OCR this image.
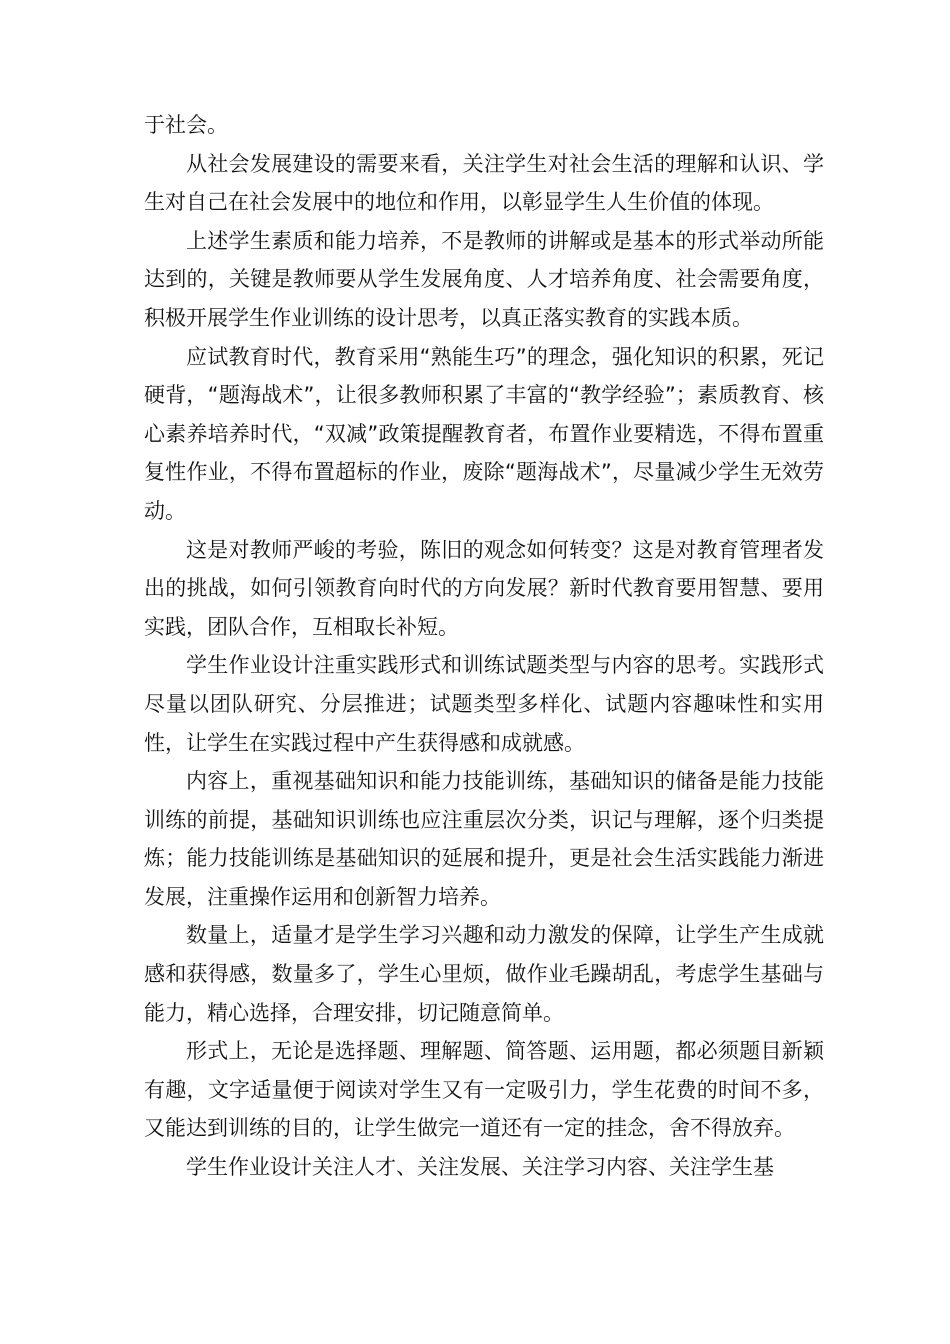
于社会。

从社会发展建设的需要来看，关注学生对社会生活的理解和认识、学生对自己在社会发展中的地位和作用，以彰显学生人生价值的体现。

上述学生素质和能力培养，不是教师的讲解或是基本的形式举动所能达到的，关键是教师要从学生发展角度、人才培养角度、社会需要角度，积极开展学生作业训练的设计思考，以真正落实教育的实践本质。

应试教育时代，教育采用“熟能生巧”的理念，强化知识的积累，死记硬背，“题海战术”，让很多教师积累了丰富的“教学经验”；素质教育、核心素养培养时代，“双减”政策提醒教育者，布置作业要精选，不得布置重复性作业，不得布置超标的作业，废除“题海战术”，尽量减少学生无效劳动。

这是对教师严峻的考验，陈旧的观念如何转变？这是对教育管理者发出的挑战，如何引领教育向时代的方向发展？新时代教育要用智慧、要用实践，团队合作，互相取长补短。

学生作业设计注重实践形式和训练试题类型与内容的思考。实践形式尽量以团队研究、分层推进；试题类型多样化、试题内容趣味性和实用性，让学生在实践过程中产生获得感和成就感。

内容上，重视基础知识和能力技能训练，基础知识的储备是能力技能训练的前提，基础知识训练也应注重层次分类，识记与理解，逐个归类提炼；能力技能训练是基础知识的延展和提升，更是社会生活实践能力渐进发展，注重操作运用和创新智力培养。

数量上，适量才是学生学习兴趣和动力激发的保障，让学生产生成就感和获得感，数量多了，学生心里烦，做作业毛躁胡乱，考虑学生基础与能力，精心选择，合理安排，切记随意简单。

形式上，无论是选择题、理解题、简答题、运用题，都必须题目新颖有趣，文字适量便于阅读对学生又有一定吸引力，学生花费的时间不多，又能达到训练的目的，让学生做完一道还有一定的挂念，舍不得放弃。

学生作业设计关注人才、关注发展、关注学习内容、关注学生基
